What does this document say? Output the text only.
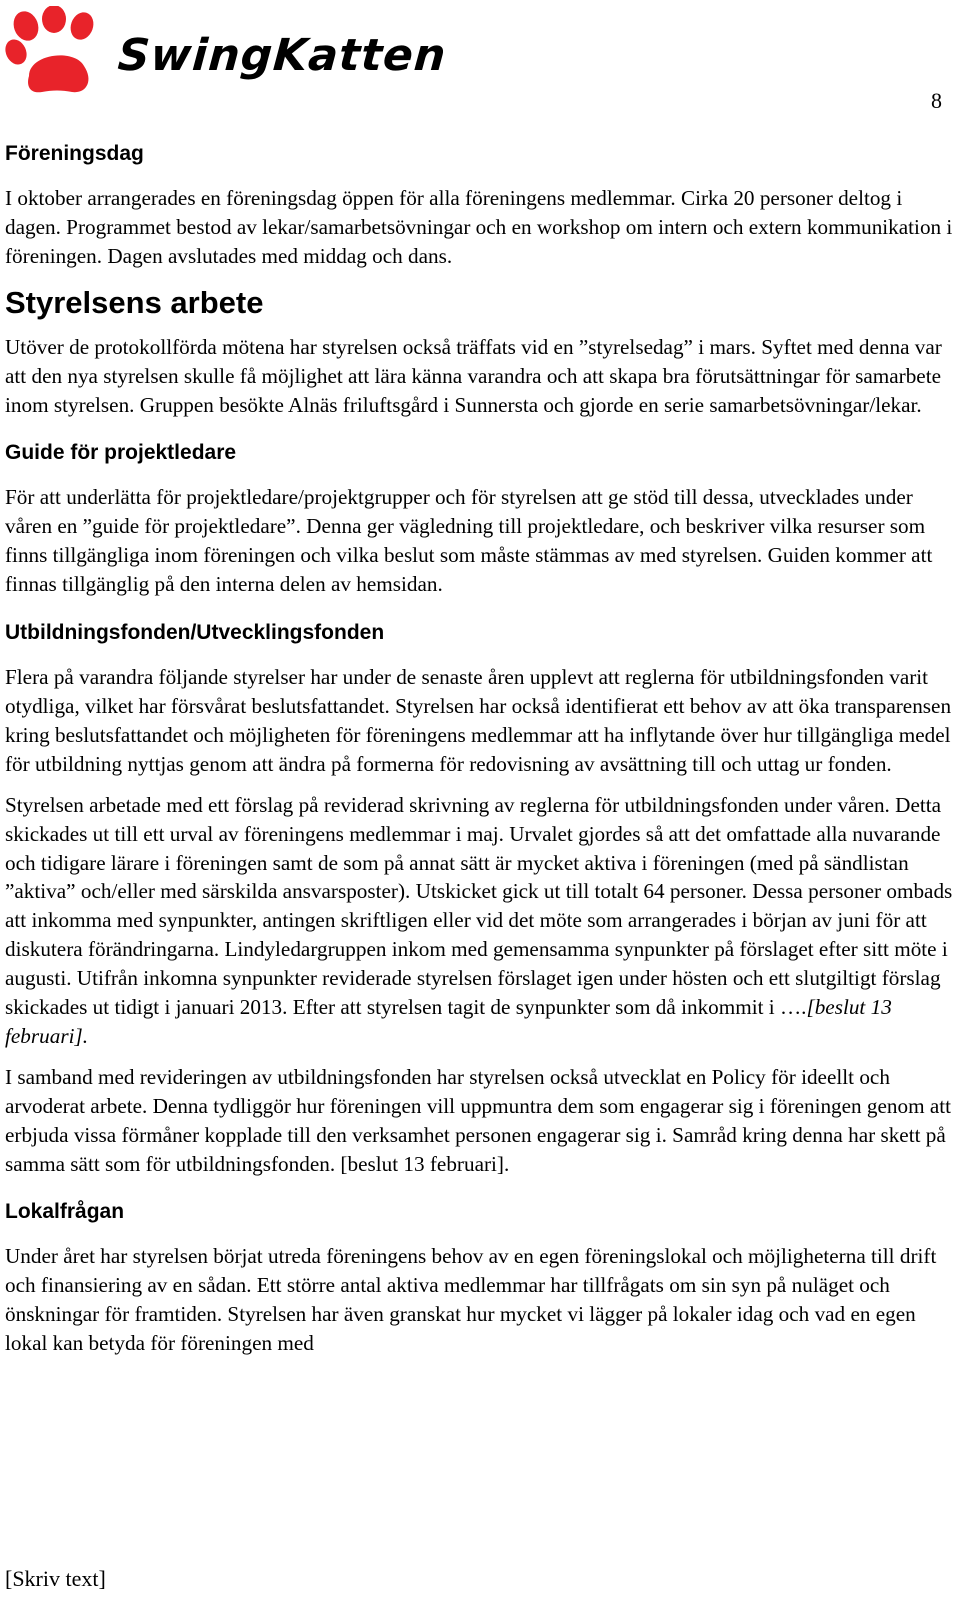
SwingKatten
8
Föreningsdag

I oktober arrangerades en föreningsdag öppen för alla föreningens medlemmar. Cirka 20 personer deltog i dagen. Programmet bestod av lekar/samarbetsövningar och en workshop om intern och extern kommunikation i föreningen. Dagen avslutades med middag och dans.

Styrelsens arbete

Utöver de protokollförda mötena har styrelsen också träffats vid en ”styrelsedag” i mars. Syftet med denna var att den nya styrelsen skulle få möjlighet att lära känna varandra och att skapa bra förutsättningar för samarbete inom styrelsen. Gruppen besökte Alnäs friluftsgård i Sunnersta och gjorde en serie samarbetsövningar/lekar.

Guide för projektledare

För att underlätta för projektledare/projektgrupper och för styrelsen att ge stöd till dessa, utvecklades under våren en ”guide för projektledare”. Denna ger vägledning till projektledare, och beskriver vilka resurser som finns tillgängliga inom föreningen och vilka beslut som måste stämmas av med styrelsen. Guiden kommer att finnas tillgänglig på den interna delen av hemsidan.

Utbildningsfonden/Utvecklingsfonden

Flera på varandra följande styrelser har under de senaste åren upplevt att reglerna för utbildningsfonden varit otydliga, vilket har försvårat beslutsfattandet. Styrelsen har också identifierat ett behov av att öka transparensen kring beslutsfattandet och möjligheten för föreningens medlemmar att ha inflytande över hur tillgängliga medel för utbildning nyttjas genom att ändra på formerna för redovisning av avsättning till och uttag ur fonden.

Styrelsen arbetade med ett förslag på reviderad skrivning av reglerna för utbildningsfonden under våren. Detta skickades ut till ett urval av föreningens medlemmar i maj. Urvalet gjordes så att det omfattade alla nuvarande och tidigare lärare i föreningen samt de som på annat sätt är mycket aktiva i föreningen (med på sändlistan ”aktiva” och/eller med särskilda ansvarsposter). Utskicket gick ut till totalt 64 personer. Dessa personer ombads att inkomma med synpunkter, antingen skriftligen eller vid det möte som arrangerades i början av juni för att diskutera förändringarna. Lindyledargruppen inkom med gemensamma synpunkter på förslaget efter sitt möte i augusti. Utifrån inkomna synpunkter reviderade styrelsen förslaget igen under hösten och ett slutgiltigt förslag skickades ut tidigt i januari 2013. Efter att styrelsen tagit de synpunkter som då inkommit i ….[beslut 13 februari].

I samband med revideringen av utbildningsfonden har styrelsen också utvecklat en Policy för ideellt och arvoderat arbete. Denna tydliggör hur föreningen vill uppmuntra dem som engagerar sig i föreningen genom att erbjuda vissa förmåner kopplade till den verksamhet personen engagerar sig i. Samråd kring denna har skett på samma sätt som för utbildningsfonden. [beslut 13 februari].

Lokalfrågan

Under året har styrelsen börjat utreda föreningens behov av en egen föreningslokal och möjligheterna till drift och finansiering av en sådan. Ett större antal aktiva medlemmar har tillfrågats om sin syn på nuläget och önskningar för framtiden. Styrelsen har även granskat hur mycket vi lägger på lokaler idag och vad en egen lokal kan betyda för föreningen med

[Skriv text]
